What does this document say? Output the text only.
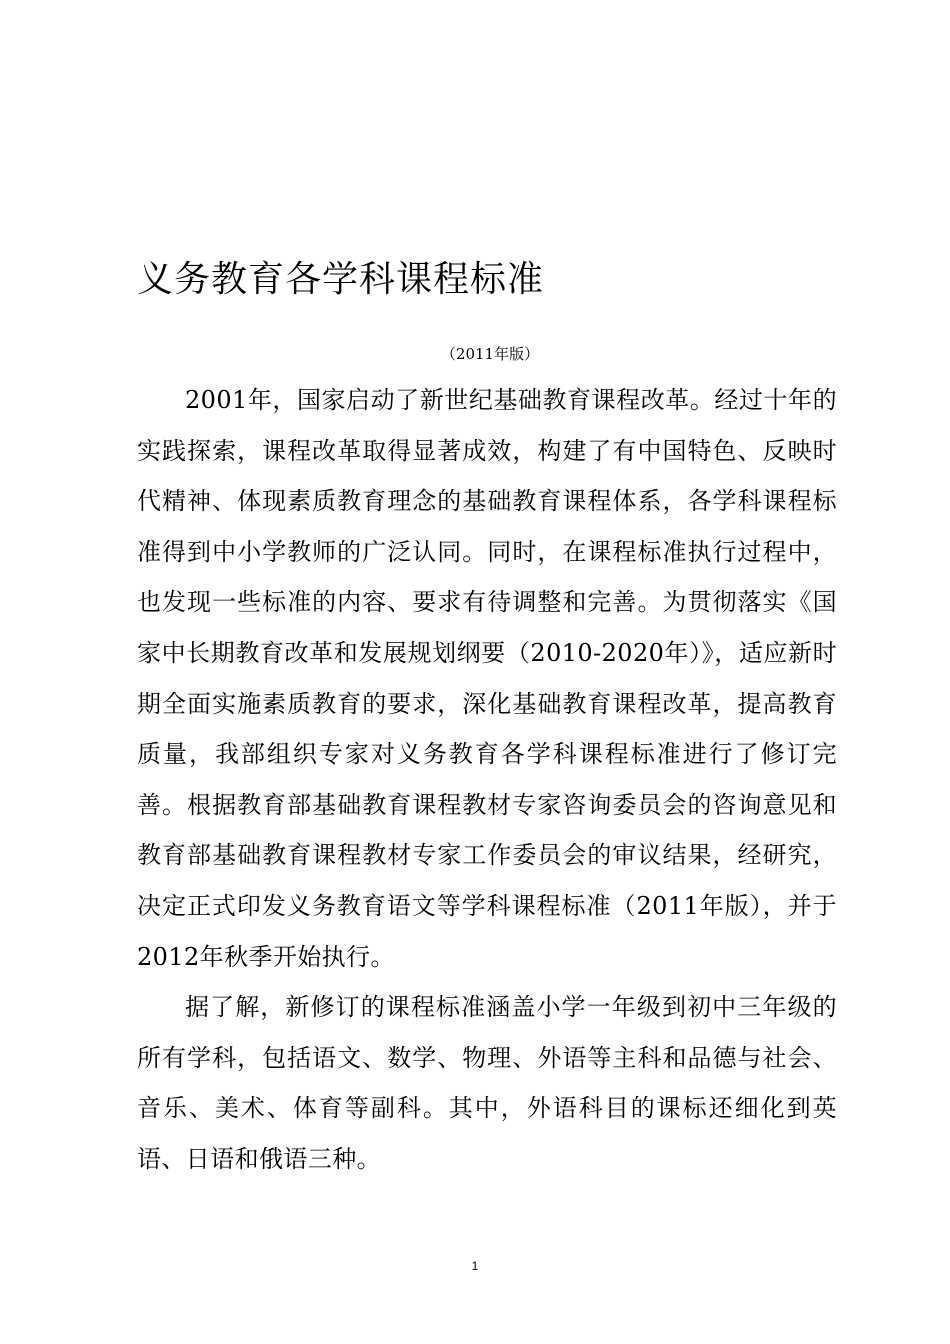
义务教育各学科课程标准
（2011年版）

2001年，国家启动了新世纪基础教育课程改革。经过十年的实践探索，课程改革取得显著成效，构建了有中国特色、反映时代精神、体现素质教育理念的基础教育课程体系，各学科课程标准得到中小学教师的广泛认同。同时，在课程标准执行过程中，也发现一些标准的内容、要求有待调整和完善。为贯彻落实《国家中长期教育改革和发展规划纲要（2010-2020年）》，适应新时期全面实施素质教育的要求，深化基础教育课程改革，提高教育质量，我部组织专家对义务教育各学科课程标准进行了修订完善。根据教育部基础教育课程教材专家咨询委员会的咨询意见和教育部基础教育课程教材专家工作委员会的审议结果，经研究，决定正式印发义务教育语文等学科课程标准（2011年版），并于2012年秋季开始执行。

据了解，新修订的课程标准涵盖小学一年级到初中三年级的所有学科，包括语文、数学、物理、外语等主科和品德与社会、音乐、美术、体育等副科。其中，外语科目的课标还细化到英语、日语和俄语三种。

1
